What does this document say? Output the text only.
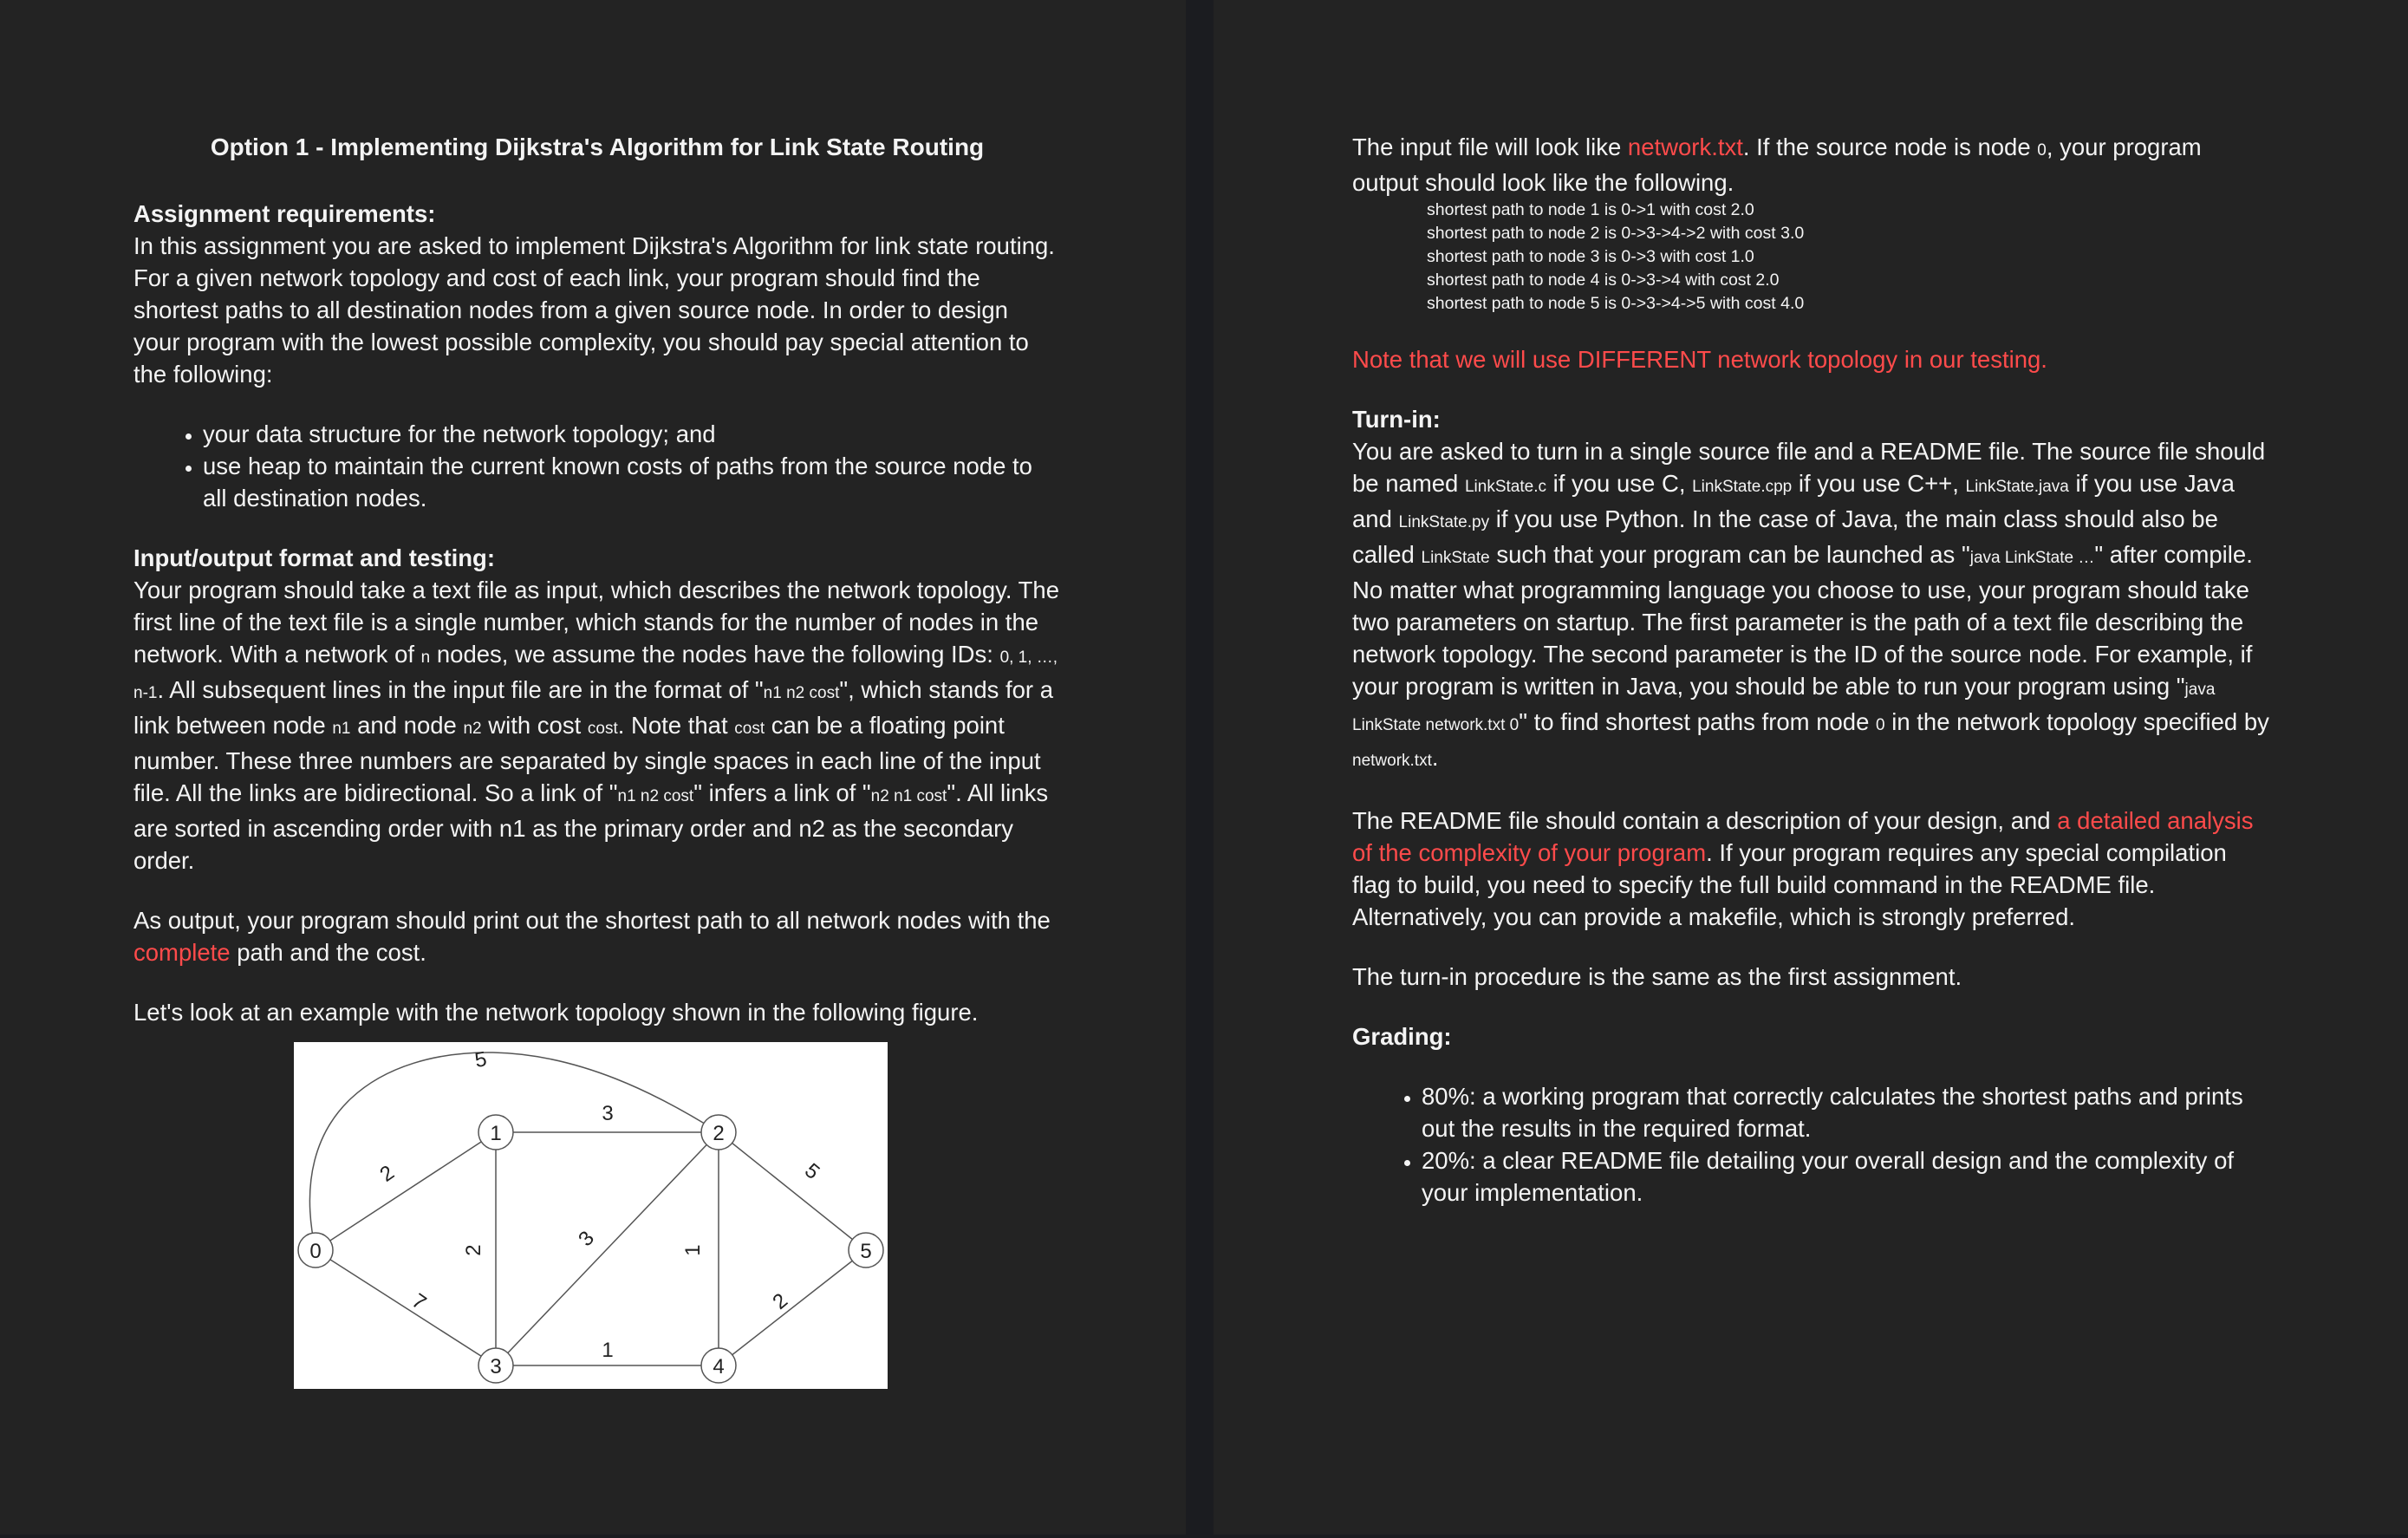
Option 1 - Implementing Dijkstra's Algorithm for Link State Routing

Assignment requirements:

In this assignment you are asked to implement Dijkstra's Algorithm for link state routing. For a given network topology and cost of each link, your program should find the shortest paths to all destination nodes from a given source node. In order to design your program with the lowest possible complexity, you should pay special attention to the following:

• your data structure for the network topology; and
• use heap to maintain the current known costs of paths from the source node to all destination nodes.

Input/output format and testing:

Your program should take a text file as input, which describes the network topology. The first line of the text file is a single number, which stands for the number of nodes in the network. With a network of n nodes, we assume the nodes have the following IDs: 0, 1, …, n-1. All subsequent lines in the input file are in the format of "n1 n2 cost", which stands for a link between node n1 and node n2 with cost cost. Note that cost can be a floating point number. These three numbers are separated by single spaces in each line of the input file. All the links are bidirectional. So a link of "n1 n2 cost" infers a link of "n2 n1 cost". All links are sorted in ascending order with n1 as the primary order and n2 as the secondary order.

As output, your program should print out the shortest path to all network nodes with the complete path and the cost.

Let's look at an example with the network topology shown in the following figure.

5
3
2
2	3	1
5
7
1
2
0
1	2
3	4
5

The input file will look like network.txt. If the source node is node 0, your program output should look like the following.

shortest path to node 1 is 0->1 with cost 2.0
shortest path to node 2 is 0->3->4->2 with cost 3.0
shortest path to node 3 is 0->3 with cost 1.0
shortest path to node 4 is 0->3->4 with cost 2.0
shortest path to node 5 is 0->3->4->5 with cost 4.0

Note that we will use DIFFERENT network topology in our testing.

Turn-in:

You are asked to turn in a single source file and a README file. The source file should be named LinkState.c if you use C, LinkState.cpp if you use C++, LinkState.java if you use Java and LinkState.py if you use Python. In the case of Java, the main class should also be called LinkState such that your program can be launched as "java LinkState …" after compile. No matter what programming language you choose to use, your program should take two parameters on startup. The first parameter is the path of a text file describing the network topology. The second parameter is the ID of the source node. For example, if your program is written in Java, you should be able to run your program using "java LinkState network.txt 0" to find shortest paths from node 0 in the network topology specified by network.txt.

The README file should contain a description of your design, and a detailed analysis of the complexity of your program. If your program requires any special compilation flag to build, you need to specify the full build command in the README file. Alternatively, you can provide a makefile, which is strongly preferred.

The turn-in procedure is the same as the first assignment.

Grading:

• 80%: a working program that correctly calculates the shortest paths and prints out the results in the required format.
• 20%: a clear README file detailing your overall design and the complexity of your implementation.
